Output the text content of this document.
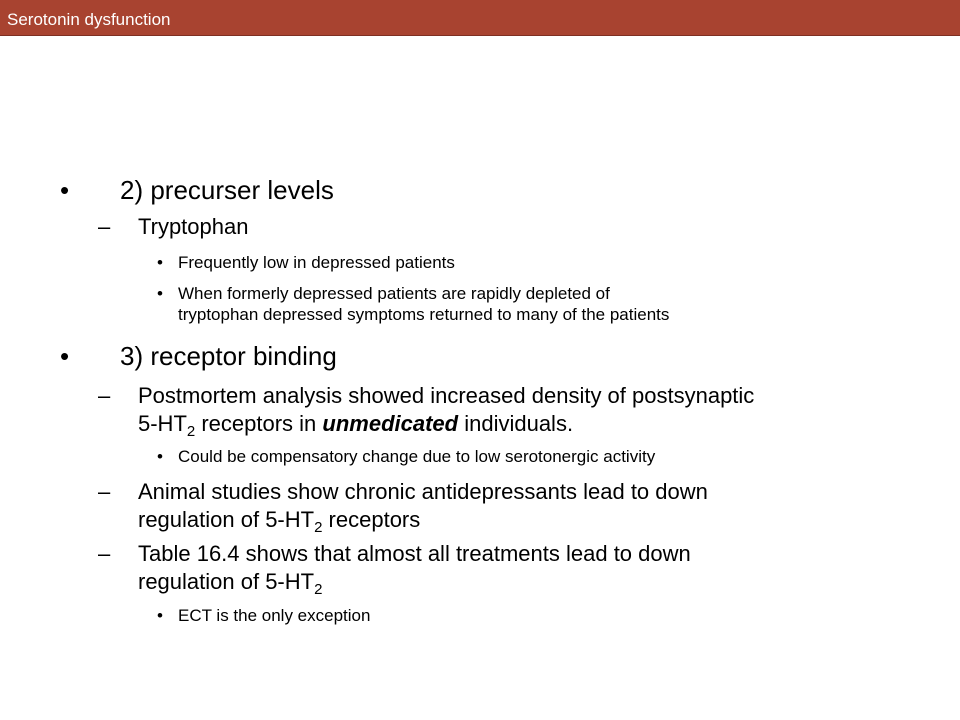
Serotonin dysfunction
• 2) precurser levels
– Tryptophan
• Frequently low in depressed patients
• When formerly depressed patients are rapidly depleted of
tryptophan depressed symptoms returned to many of the patients
• 3) receptor binding
– Postmortem analysis showed increased density of postsynaptic
$5-HT_2$ receptors in unmedicated individuals.
• Could be compensatory change due to low serotonergic activity
– Animal studies show chronic antidepressants lead to down
regulation of $5-HT_2$ receptors
– Table 16.4 shows that almost all treatments lead to down
regulation of $5-HT_2$
• ECT is the only exception
